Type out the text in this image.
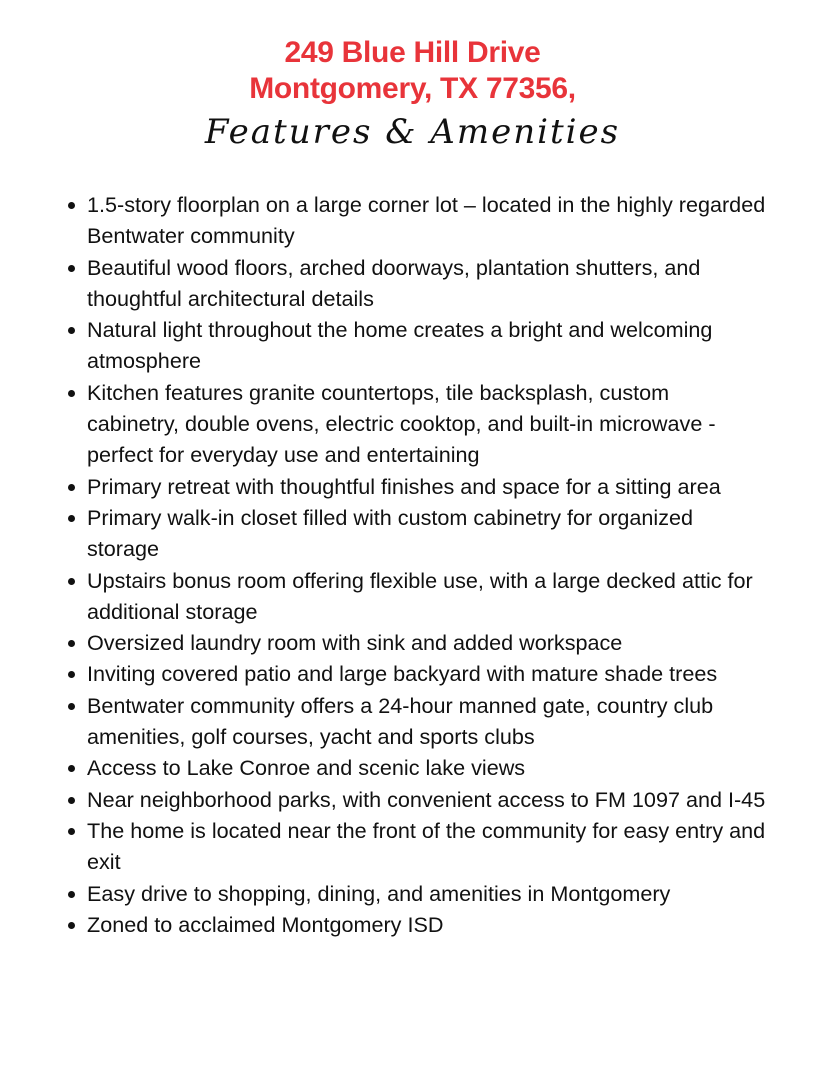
249 Blue Hill Drive
Montgomery, TX 77356,
Features & Amenities
1.5-story floorplan on a large corner lot – located in the highly regarded Bentwater community
Beautiful wood floors, arched doorways, plantation shutters, and thoughtful architectural details
Natural light throughout the home creates a bright and welcoming atmosphere
Kitchen features granite countertops, tile backsplash, custom cabinetry, double ovens, electric cooktop, and built-in microwave - perfect for everyday use and entertaining
Primary retreat with thoughtful finishes and space for a sitting area
Primary walk-in closet filled with custom cabinetry for organized storage
Upstairs bonus room offering flexible use, with a large decked attic for additional storage
Oversized laundry room with sink and added workspace
Inviting covered patio and large backyard with mature shade trees
Bentwater community offers a 24-hour manned gate, country club amenities, golf courses, yacht and sports clubs
Access to Lake Conroe and scenic lake views
Near neighborhood parks, with convenient access to FM 1097 and I-45
The home is located near the front of the community for easy entry and exit
Easy drive to shopping, dining, and amenities in Montgomery
Zoned to acclaimed Montgomery ISD
